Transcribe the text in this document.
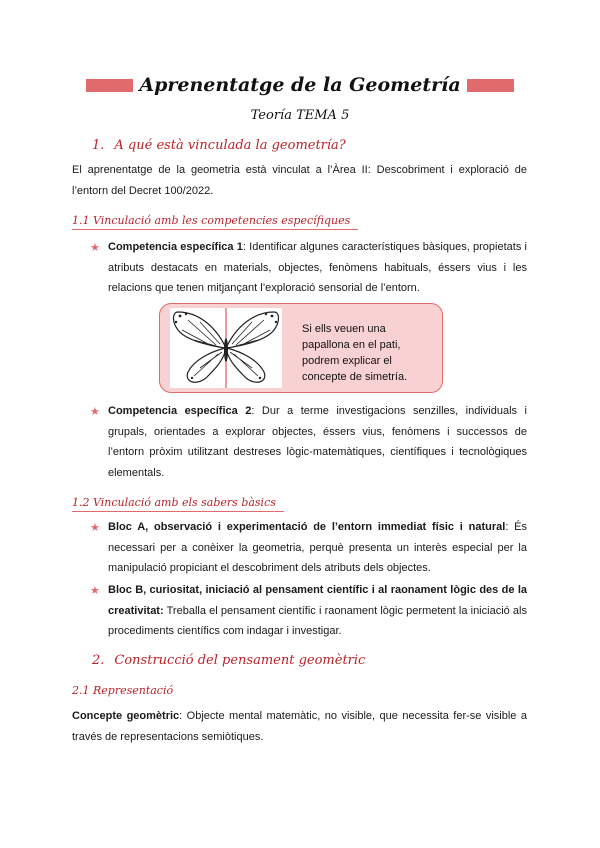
Aprenentatge de la Geometría
Teoría TEMA 5
1. A qué està vinculada la geometría?
El aprenentatge de la geometria està vinculat a l’Àrea II: Descobriment i exploració de l’entorn del Decret 100/2022.
1.1 Vinculació amb les competencies específiques
★ Competencia específica 1: Identificar algunes característiques bàsiques, propietats i atributs destacats en materials, objectes, fenòmens habituals, éssers vius i les relacions que tenen mitjançant l’exploració sensorial de l’entorn.
Si ells veuen una papallona en el pati, podrem explicar el concepte de simetría.
★ Competencia específica 2: Dur a terme investigacions senzilles, individuals i grupals, orientades a explorar objectes, éssers vius, fenòmens i successos de l’entorn pròxim utilitzant destreses lògic-matemàtiques, científiques i tecnològiques elementals.
1.2 Vinculació amb els sabers bàsics
★ Bloc A, observació i experimentació de l’entorn immediat físic i natural: És necessari per a conèixer la geometria, perquè presenta un interès especial per la manipulació propiciant el descobriment dels atributs dels objectes.
★ Bloc B, curiositat, iniciació al pensament científic i al raonament lògic des de la creativitat: Treballa el pensament científic i raonament lògic permetent la iniciació als procediments científics com indagar i investigar.
2. Construcció del pensament geomètric
2.1 Representació
Concepte geomètric: Objecte mental matemàtic, no visible, que necessita fer-se visible a través de representacions semiòtiques.
